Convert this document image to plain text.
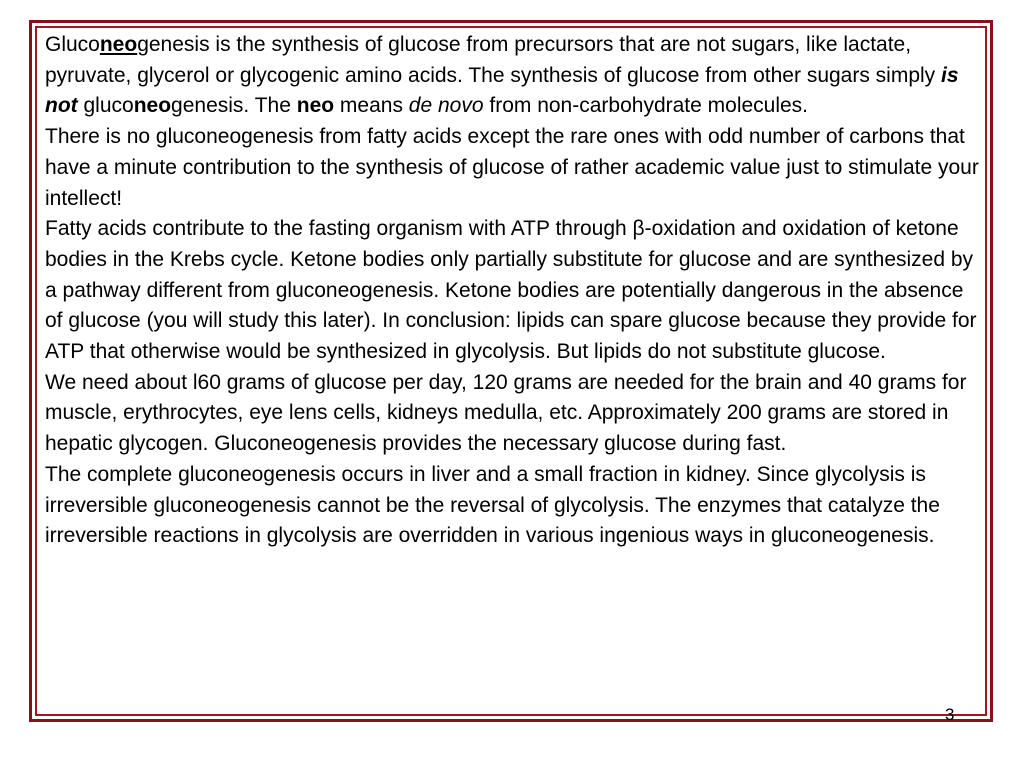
Gluconeogenesis is the synthesis of glucose from precursors that are not sugars, like lactate, pyruvate, glycerol or glycogenic amino acids. The synthesis of glucose from other sugars simply is not gluconeogenesis. The neo means de novo from non-carbohydrate molecules.

There is no gluconeogenesis from fatty acids except the rare ones with odd number of carbons that have a minute contribution to the synthesis of glucose of rather academic value just to stimulate your intellect!

Fatty acids contribute to the fasting organism with ATP through β-oxidation and oxidation of ketone bodies in the Krebs cycle. Ketone bodies only partially substitute for glucose and are synthesized by a pathway different from gluconeogenesis. Ketone bodies are potentially dangerous in the absence of glucose (you will study this later). In conclusion: lipids can spare glucose because they provide for ATP that otherwise would be synthesized in glycolysis. But lipids do not substitute glucose.

We need about l60 grams of glucose per day, 120 grams are needed for the brain and 40 grams for muscle, erythrocytes, eye lens cells, kidneys medulla, etc. Approximately 200 grams are stored in hepatic glycogen. Gluconeogenesis provides the necessary glucose during fast.

The complete gluconeogenesis occurs in liver and a small fraction in kidney. Since glycolysis is irreversible gluconeogenesis cannot be the reversal of glycolysis. The enzymes that catalyze the irreversible reactions in glycolysis are overridden in various ingenious ways in gluconeogenesis.

3
